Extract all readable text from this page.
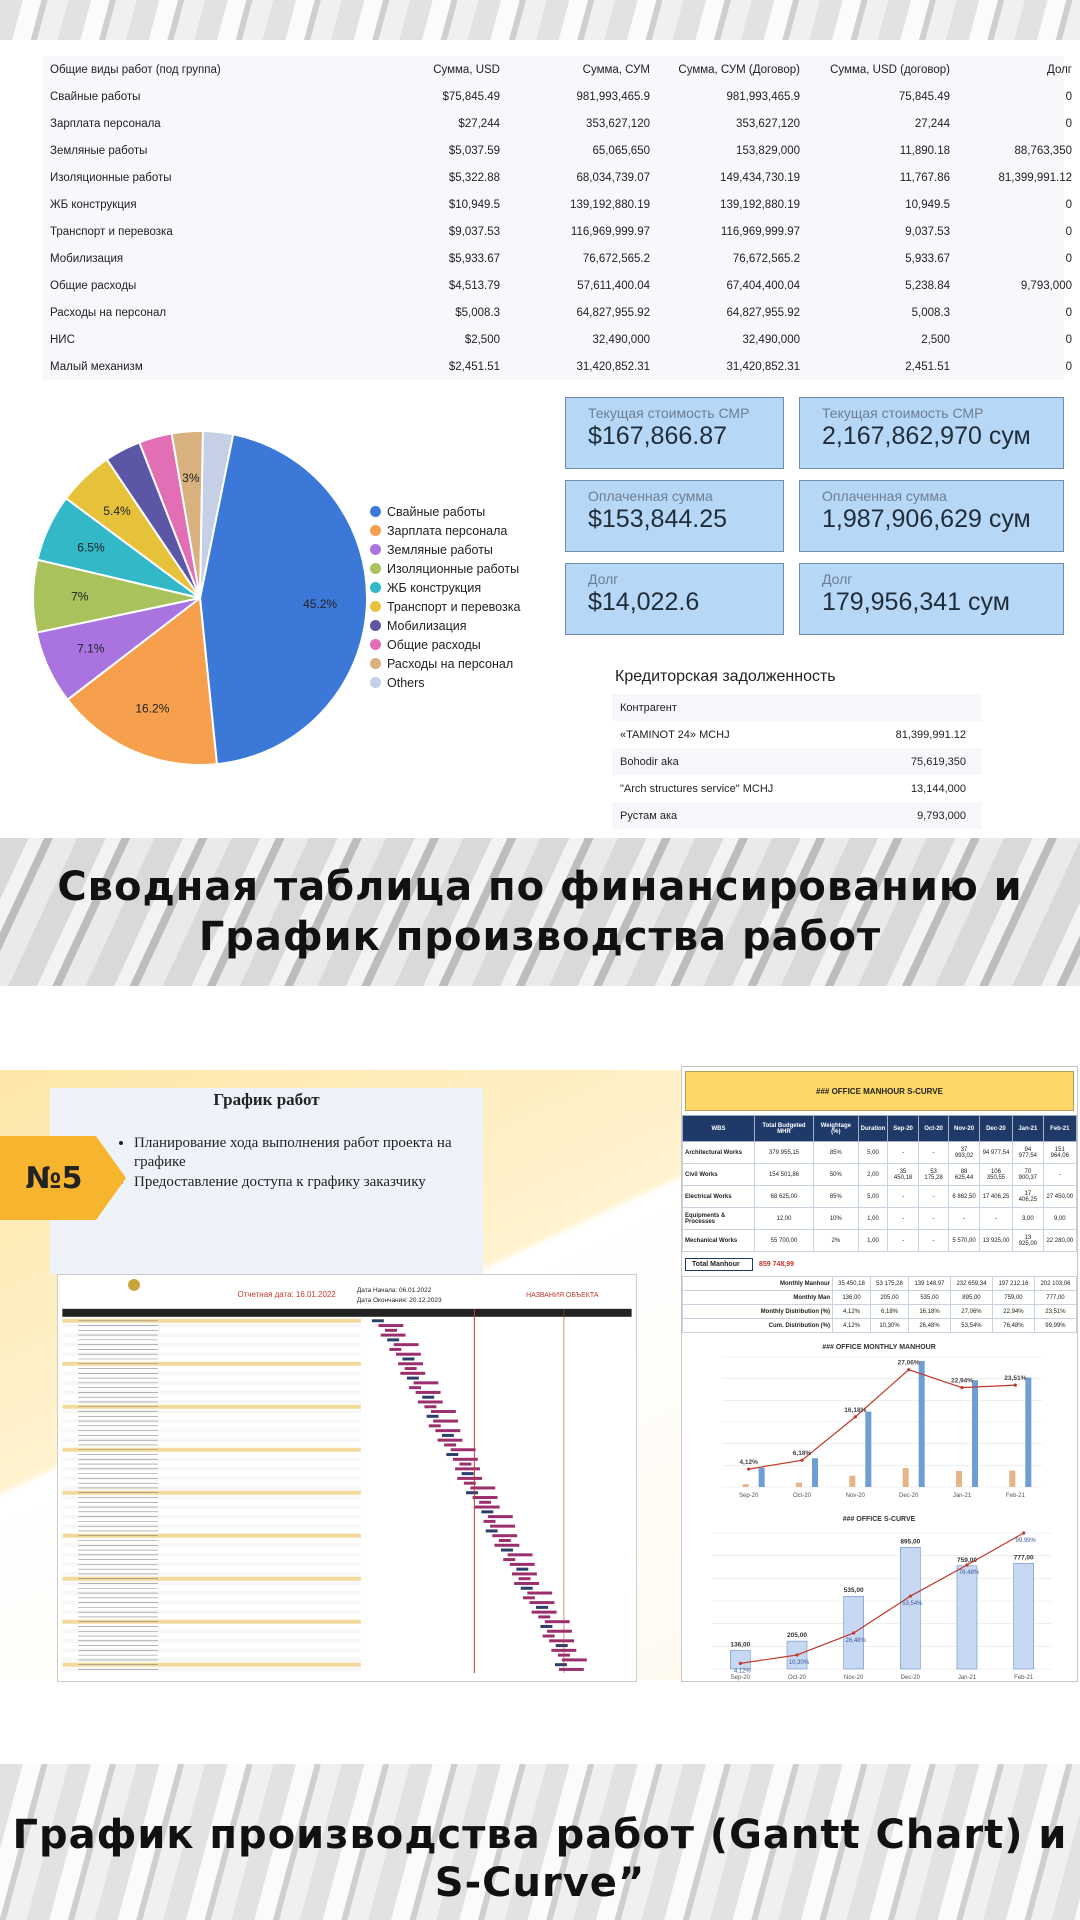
Общие виды работ (под группа)	Сумма, USD	Сумма, СУМ	Сумма, СУМ (Договор)	Сумма, USD (договор)	Долг
Свайные работы	$75,845.49	981,993,465.9	981,993,465.9	75,845.49	0
Зарплата персонала	$27,244	353,627,120	353,627,120	27,244	0
Земляные работы	$5,037.59	65,065,650	153,829,000	11,890.18	88,763,350
Изоляционные работы	$5,322.88	68,034,739.07	149,434,730.19	11,767.86	81,399,991.12
ЖБ конструкция	$10,949.5	139,192,880.19	139,192,880.19	10,949.5	0
Транспорт и перевозка	$9,037.53	116,969,999.97	116,969,999.97	9,037.53	0
Мобилизация	$5,933.67	76,672,565.2	76,672,565.2	5,933.67	0
Общие расходы	$4,513.79	57,611,400.04	67,404,400.04	5,238.84	9,793,000
Расходы на персонал	$5,008.3	64,827,955.92	64,827,955.92	5,008.3	0
НИС	$2,500	32,490,000	32,490,000	2,500	0
Малый механизм	$2,451.51	31,420,852.31	31,420,852.31	2,451.51	0
45.2%
16.2%
7.1%
7%
6.5%
5.4%
3%
Свайные работы
Зарплата персонала
Земляные работы
Изоляционные работы
ЖБ конструкция
Транспорт и перевозка
Мобилизация
Общие расходы
Расходы на персонал
Others
Текущая стоимость СМР
$167,866.87
Текущая стоимость СМР
2,167,862,970 сум
Оплаченная сумма
$153,844.25
Оплаченная сумма
1,987,906,629 сум
Долг
$14,022.6
Долг
179,956,341 сум
Кредиторская задолженность
Контрагент
«TAMINOT 24» MCHJ	81,399,991.12
Bohodir aka	75,619,350
"Arch structures service" MCHJ	13,144,000
Рустам ака	9,793,000
Сводная таблица по финансированию и
График производства работ
График работ
• Планирование хода выполнения работ проекта на графике
• Предоставление доступа к графику заказчику
№5
Отчетная дата: 16.01.2022	Дата Начала: 06.01.2022
Дата Окончания: 20.12.2023
НАЗВАНИЯ ОБЪЕКТА
### OFFICE MANHOUR S-CURVE
WBS	Total Budgeted MHR	Weightage (%)	Duration	Sep-20	Oct-20	Nov-20	Dec-20	Jan-21	Feb-21
Architectural Works	379 955,15	85%	5,00	-	-	37 993,02	94 977,54	94 977,54	151 964,06
Civil Works	154 501,86	50%	2,00	35 450,18	53 175,28	88 625,44	106 350,55	70 900,37	-
Electrical Works	68 625,00	85%	5,00	-	-	6 862,50	17 406,25	17 406,25	27 450,00
Equipments & Processes	12,00	10%	1,00	-	-	-	-	3,00	9,00
Mechanical Works	55 700,00	2%	1,00	-	-	5 570,00	13 925,00	13 925,00	22 280,00
Total Manhour	859 748,99
Monthly Manhour	35 450,18	53 175,28	139 148,97	232 659,34	197 212,16	202 103,06
Monthly Man	136,00	205,00	535,00	895,00	759,00	777,00
Monthly Distribution (%)	4,12%	6,18%	16,18%	27,06%	22,94%	23,51%
Cum. Distribution (%)	4,12%	10,30%	26,48%	53,54%	76,48%	99,99%
### OFFICE MONTHLY MANHOUR
Sep-20	Oct-20	Nov-20	Dec-20	Jan-21	Feb-21
4,12%
6,18%
16,18%
27,06%
22,94%	23,51%
### OFFICE S-CURVE
136,00
Sep-20
205,00
Oct-20
535,00
Nov-20
895,00
Dec-20
759,00
Jan-21
777,00
Feb-21
4,12%
10,30%
26,48%
53,54%
76,48%
99,99%
График производства работ (Gantt Chart) и
S-Curve”
